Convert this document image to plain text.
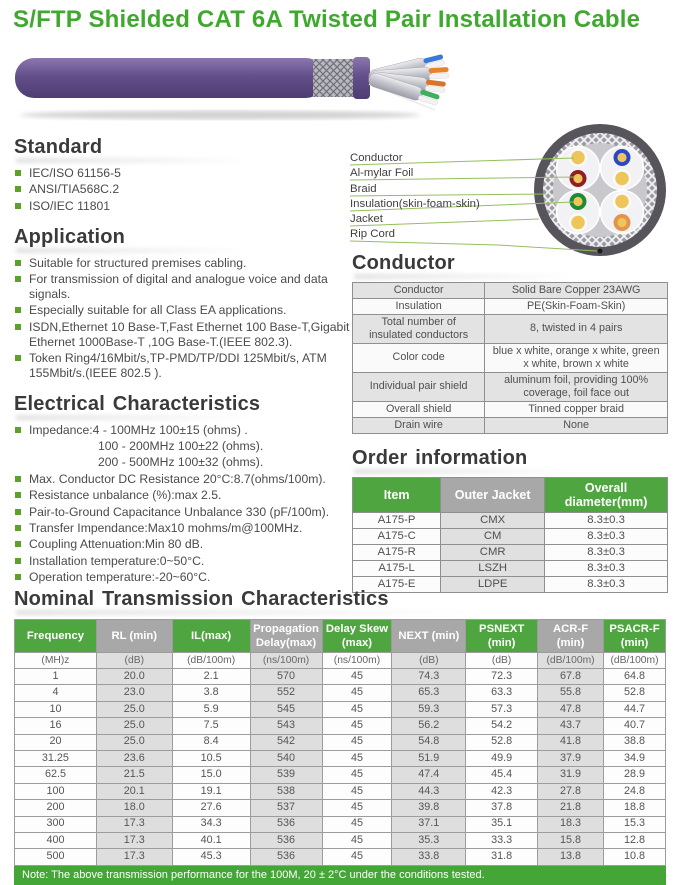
S/FTP Shielded CAT 6A Twisted Pair Installation Cable
Standard
IEC/ISO 61156-5
ANSI/TIA568C.2
ISO/IEC 11801
Application
Suitable for structured premises cabling.
For transmission of digital and analogue voice and data signals.
Especially suitable for all Class EA applications.
ISDN,Ethernet 10 Base-T,Fast Ethernet 100 Base-T,Gigabit Ethernet 1000Base-T ,10G Base-T.(IEEE 802.3).
Token Ring4/16Mbit/s,TP-PMD/TP/DDI 125Mbit/s, ATM 155Mbit/s.(IEEE 802.5 ).
Electrical Characteristics
Impedance:4 - 100MHz 100±15 (ohms) .
100 - 200MHz 100±22 (ohms).
200 - 500MHz 100±32 (ohms).
Max. Conductor DC Resistance 20°C:8.7(ohms/100m).
Resistance unbalance (%):max 2.5.
Pair-to-Ground Capacitance Unbalance 330 (pF/100m).
Transfer Impendance:Max10 mohms/m@100MHz.
Coupling Attenuation:Min 80 dB.
Installation temperature:0~50°C.
Operation temperature:-20~60°C.
Conductor
Al-mylar Foil
Braid
Insulation(skin-foam-skin)
Jacket
Rip Cord
Conductor
Conductor	Solid Bare Copper 23AWG
Insulation	PE(Skin-Foam-Skin)
Total number of insulated conductors	8, twisted in 4 pairs
Color code	blue x white, orange x white, green x white, brown x white
Individual pair shield	aluminum foil, providing 100% coverage, foil face out
Overall shield	Tinned copper braid
Drain wire	None
Order information
Item	Outer Jacket	Overall diameter(mm)
A175-P	CMX	8.3±0.3
A175-C	CM	8.3±0.3
A175-R	CMR	8.3±0.3
A175-L	LSZH	8.3±0.3
A175-E	LDPE	8.3±0.3
Nominal Transmission Characteristics
Frequency	RL (min)	IL(max)	Propagation Delay(max)	Delay Skew (max)	NEXT (min)	PSNEXT (min)	ACR-F (min)	PSACR-F (min)
(MH)z	(dB)	(dB/100m)	(ns/100m)	(ns/100m)	(dB)	(dB)	(dB/100m)	(dB/100m)
1	20.0	2.1	570	45	74.3	72.3	67.8	64.8
4	23.0	3.8	552	45	65.3	63.3	55.8	52.8
10	25.0	5.9	545	45	59.3	57.3	47.8	44.7
16	25.0	7.5	543	45	56.2	54.2	43.7	40.7
20	25.0	8.4	542	45	54.8	52.8	41.8	38.8
31.25	23.6	10.5	540	45	51.9	49.9	37.9	34.9
62.5	21.5	15.0	539	45	47.4	45.4	31.9	28.9
100	20.1	19.1	538	45	44.3	42.3	27.8	24.8
200	18.0	27.6	537	45	39.8	37.8	21.8	18.8
300	17.3	34.3	536	45	37.1	35.1	18.3	15.3
400	17.3	40.1	536	45	35.3	33.3	15.8	12.8
500	17.3	45.3	536	45	33.8	31.8	13.8	10.8
Note: The above transmission performance for the 100M, 20 ± 2°C under the conditions tested.
